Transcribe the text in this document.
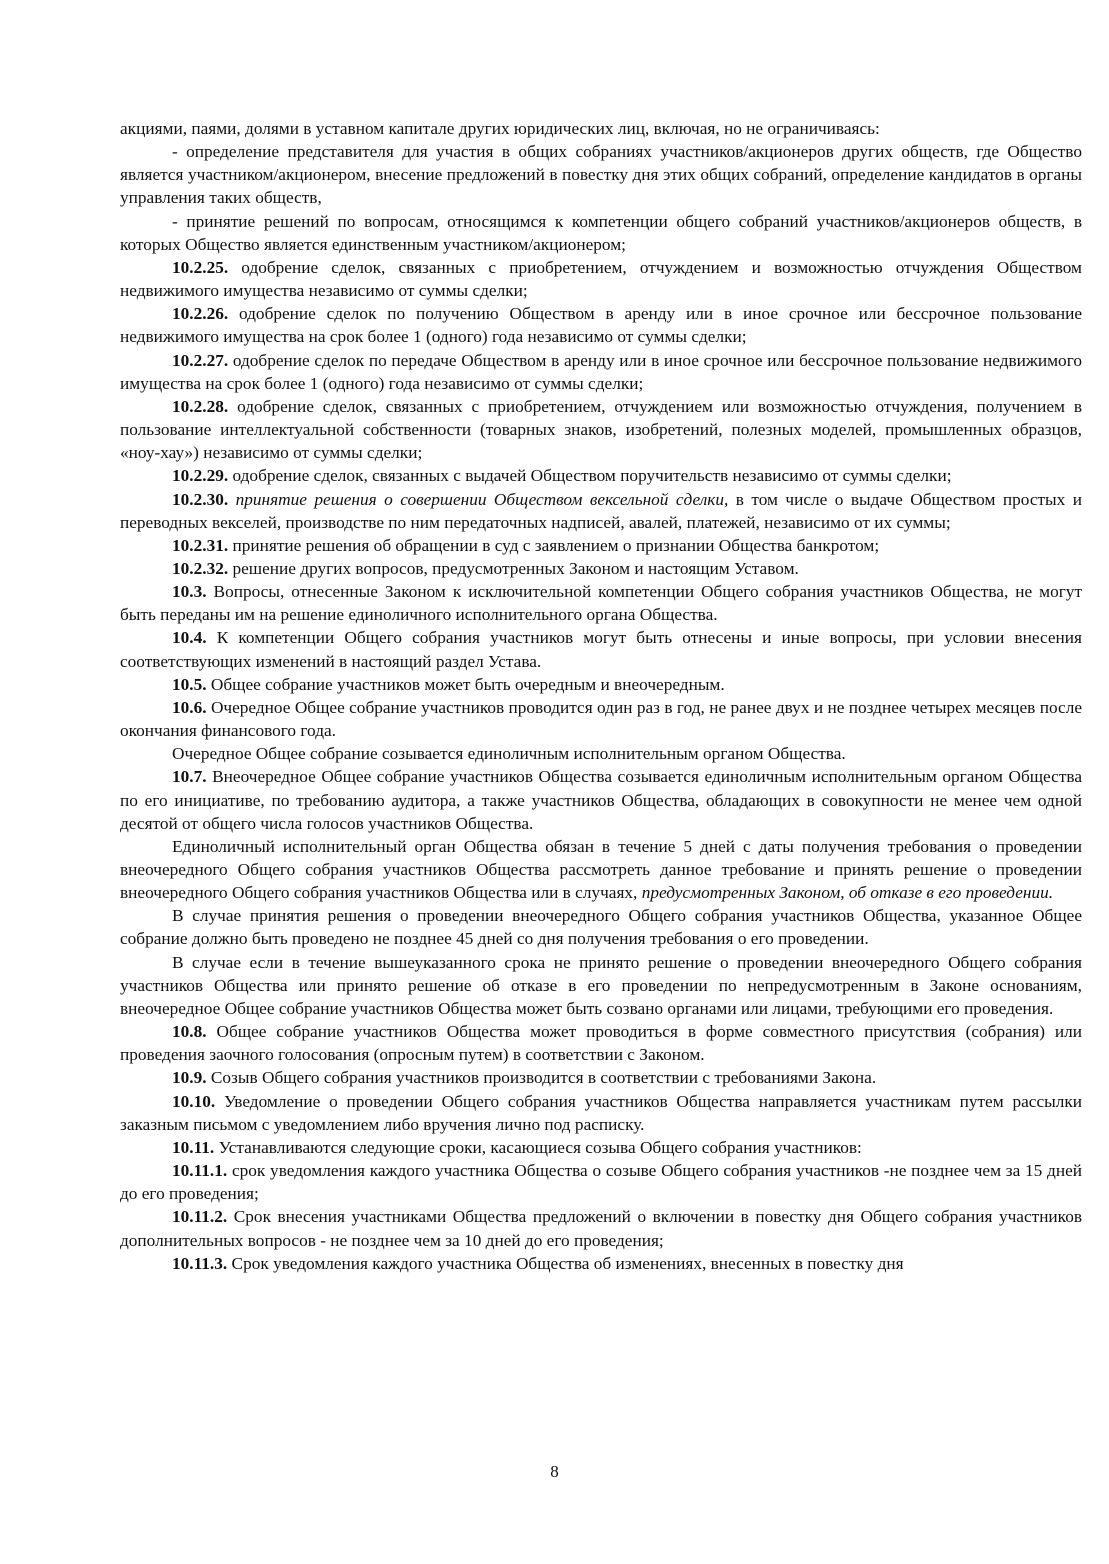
акциями, паями, долями в уставном капитале других юридических лиц, включая, но не ограничиваясь:

- определение представителя для участия в общих собраниях участников/акционеров других обществ, где Общество является участником/акционером, внесение предложений в повестку дня этих общих собраний, определение кандидатов в органы управления таких обществ,

- принятие решений по вопросам, относящимся к компетенции общего собраний участников/акционеров обществ, в которых Общество является единственным участником/акционером;

10.2.25. одобрение сделок, связанных с приобретением, отчуждением и возможностью отчуждения Обществом недвижимого имущества независимо от суммы сделки;

10.2.26. одобрение сделок по получению Обществом в аренду или в иное срочное или бессрочное пользование недвижимого имущества на срок более 1 (одного) года независимо от суммы сделки;

10.2.27. одобрение сделок по передаче Обществом в аренду или в иное срочное или бессрочное пользование недвижимого имущества на срок более 1 (одного) года независимо от суммы сделки;

10.2.28. одобрение сделок, связанных с приобретением, отчуждением или возможностью отчуждения, получением в пользование интеллектуальной собственности (товарных знаков, изобретений, полезных моделей, промышленных образцов, «ноу-хау») независимо от суммы сделки;

10.2.29. одобрение сделок, связанных с выдачей Обществом поручительств независимо от суммы сделки;

10.2.30. принятие решения о совершении Обществом вексельной сделки, в том числе о выдаче Обществом простых и переводных векселей, производстве по ним передаточных надписей, авалей, платежей, независимо от их суммы;

10.2.31. принятие решения об обращении в суд с заявлением о признании Общества банкротом;

10.2.32. решение других вопросов, предусмотренных Законом и настоящим Уставом.

10.3. Вопросы, отнесенные Законом к исключительной компетенции Общего собрания участников Общества, не могут быть переданы им на решение единоличного исполнительного органа Общества.

10.4. К компетенции Общего собрания участников могут быть отнесены и иные вопросы, при условии внесения соответствующих изменений в настоящий раздел Устава.

10.5. Общее собрание участников может быть очередным и внеочередным.

10.6. Очередное Общее собрание участников проводится один раз в год, не ранее двух и не позднее четырех месяцев после окончания финансового года.

Очередное Общее собрание созывается единоличным исполнительным органом Общества.

10.7. Внеочередное Общее собрание участников Общества созывается единоличным исполнительным органом Общества по его инициативе, по требованию аудитора, а также участников Общества, обладающих в совокупности не менее чем одной десятой от общего числа голосов участников Общества.

Единоличный исполнительный орган Общества обязан в течение 5 дней с даты получения требования о проведении внеочередного Общего собрания участников Общества рассмотреть данное требование и принять решение о проведении внеочередного Общего собрания участников Общества или в случаях, предусмотренных Законом, об отказе в его проведении.

В случае принятия решения о проведении внеочередного Общего собрания участников Общества, указанное Общее собрание должно быть проведено не позднее 45 дней со дня получения требования о его проведении.

В случае если в течение вышеуказанного срока не принято решение о проведении внеочередного Общего собрания участников Общества или принято решение об отказе в его проведении по непредусмотренным в Законе основаниям, внеочередное Общее собрание участников Общества может быть созвано органами или лицами, требующими его проведения.

10.8. Общее собрание участников Общества может проводиться в форме совместного присутствия (собрания) или проведения заочного голосования (опросным путем) в соответствии с Законом.

10.9. Созыв Общего собрания участников производится в соответствии с требованиями Закона.

10.10. Уведомление о проведении Общего собрания участников Общества направляется участникам путем рассылки заказным письмом с уведомлением либо вручения лично под расписку.

10.11. Устанавливаются следующие сроки, касающиеся созыва Общего собрания участников:

10.11.1. срок уведомления каждого участника Общества о созыве Общего собрания участников -не позднее чем за 15 дней до его проведения;

10.11.2. Срок внесения участниками Общества предложений о включении в повестку дня Общего собрания участников дополнительных вопросов - не позднее чем за 10 дней до его проведения;

10.11.3. Срок уведомления каждого участника Общества об изменениях, внесенных в повестку дня

8
